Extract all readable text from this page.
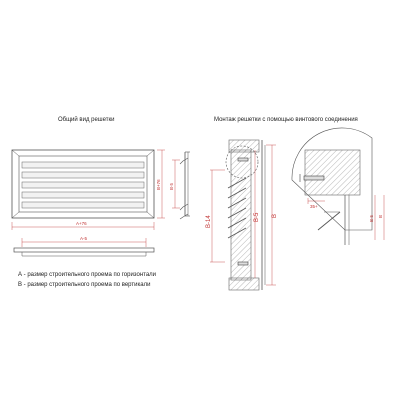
Общий вид решетки	Монтаж решетки с помощью винтового соединения
A+76
B+76 B-5
A-5
B-14	B-5 B
35+
B-5 B
А - размер строительного проема по горизонтали
В - размер строительного проема по вертикали
